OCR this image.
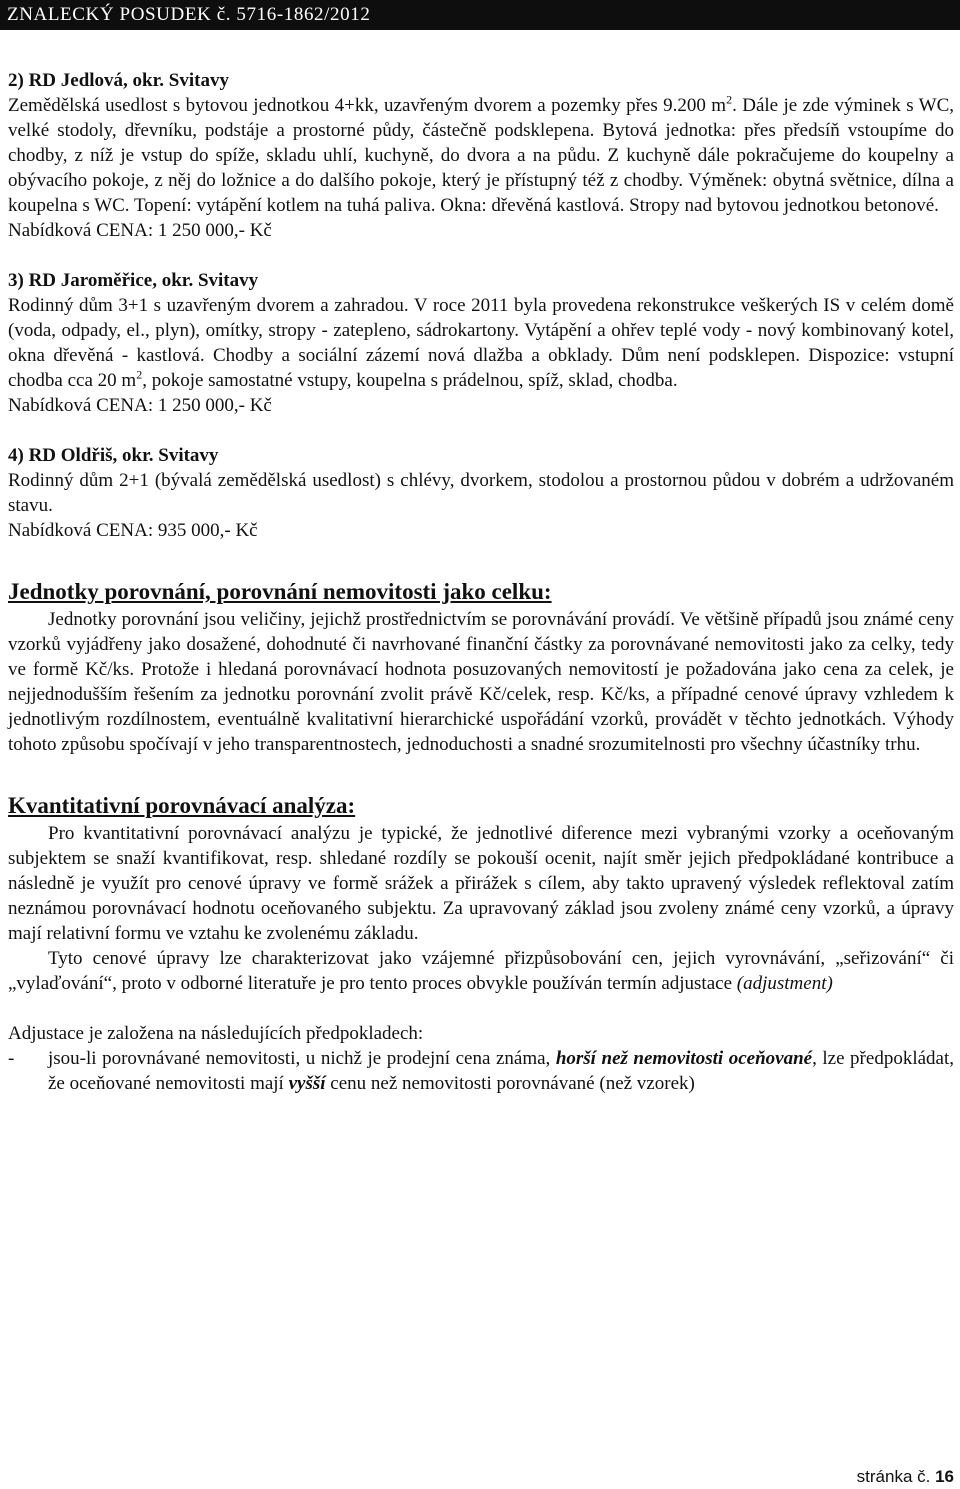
ZNALECKÝ POSUDEK č. 5716-1862/2012

2) RD Jedlová, okr. Svitavy

Zemědělská usedlost s bytovou jednotkou 4+kk, uzavřeným dvorem a pozemky přes 9.200 $m^2$. Dále je zde výminek s WC, velké stodoly, dřevníku, podstáje a prostorné půdy, částečně podsklepena. Bytová jednotka: přes předsíň vstoupíme do chodby, z níž je vstup do spíže, skladu uhlí, kuchyně, do dvora a na půdu. Z kuchyně dále pokračujeme do koupelny a obývacího pokoje, z něj do ložnice a do dalšího pokoje, který je přístupný též z chodby. Výměnek: obytná světnice, dílna a koupelna s WC. Topení: vytápění kotlem na tuhá paliva. Okna: dřevěná kastlová. Stropy nad bytovou jednotkou betonové.

Nabídková CENA: 1 250 000,- Kč

3) RD Jaroměřice, okr. Svitavy

Rodinný dům 3+1 s uzavřeným dvorem a zahradou. V roce 2011 byla provedena rekonstrukce veškerých IS v celém domě (voda, odpady, el., plyn), omítky, stropy - zatepleno, sádrokartony. Vytápění a ohřev teplé vody - nový kombinovaný kotel, okna dřevěná - kastlová. Chodby a sociální zázemí nová dlažba a obklady. Dům není podsklepen. Dispozice: vstupní chodba cca 20 $m^2$, pokoje samostatné vstupy, koupelna s prádelnou, spíž, sklad, chodba.

Nabídková CENA: 1 250 000,- Kč

4) RD Oldřiš, okr. Svitavy

Rodinný dům 2+1 (bývalá zemědělská usedlost) s chlévy, dvorkem, stodolou a prostornou půdou v dobrém a udržovaném stavu.

Nabídková CENA: 935 000,- Kč

Jednotky porovnání, porovnání nemovitosti jako celku:

Jednotky porovnání jsou veličiny, jejichž prostřednictvím se porovnávání provádí. Ve většině případů jsou známé ceny vzorků vyjádřeny jako dosažené, dohodnuté či navrhované finanční částky za porovnávané nemovitosti jako za celky, tedy ve formě Kč/ks. Protože i hledaná porovnávací hodnota posuzovaných nemovitostí je požadována jako cena za celek, je nejjednodušším řešením za jednotku porovnání zvolit právě Kč/celek, resp. Kč/ks, a případné cenové úpravy vzhledem k jednotlivým rozdílnostem, eventuálně kvalitativní hierarchické uspořádání vzorků, provádět v těchto jednotkách. Výhody tohoto způsobu spočívají v jeho transparentnostech, jednoduchosti a snadné srozumitelnosti pro všechny účastníky trhu.

Kvantitativní porovnávací analýza:

Pro kvantitativní porovnávací analýzu je typické, že jednotlivé diference mezi vybranými vzorky a oceňovaným subjektem se snaží kvantifikovat, resp. shledané rozdíly se pokouší ocenit, najít směr jejich předpokládané kontribuce a následně je využít pro cenové úpravy ve formě srážek a přirážek s cílem, aby takto upravený výsledek reflektoval zatím neznámou porovnávací hodnotu oceňovaného subjektu. Za upravovaný základ jsou zvoleny známé ceny vzorků, a úpravy mají relativní formu ve vztahu ke zvolenému základu.

Tyto cenové úpravy lze charakterizovat jako vzájemné přizpůsobování cen, jejich vyrovnávání, „seřizování“ či „vylaďování“, proto v odborné literatuře je pro tento proces obvykle používán termín adjustace (adjustment)

Adjustace je založena na následujících předpokladech:

- jsou-li porovnávané nemovitosti, u nichž je prodejní cena známa, horší než nemovitosti oceňované, lze předpokládat, že oceňované nemovitosti mají vyšší cenu než nemovitosti porovnávané (než vzorek)
stránka č. 16
